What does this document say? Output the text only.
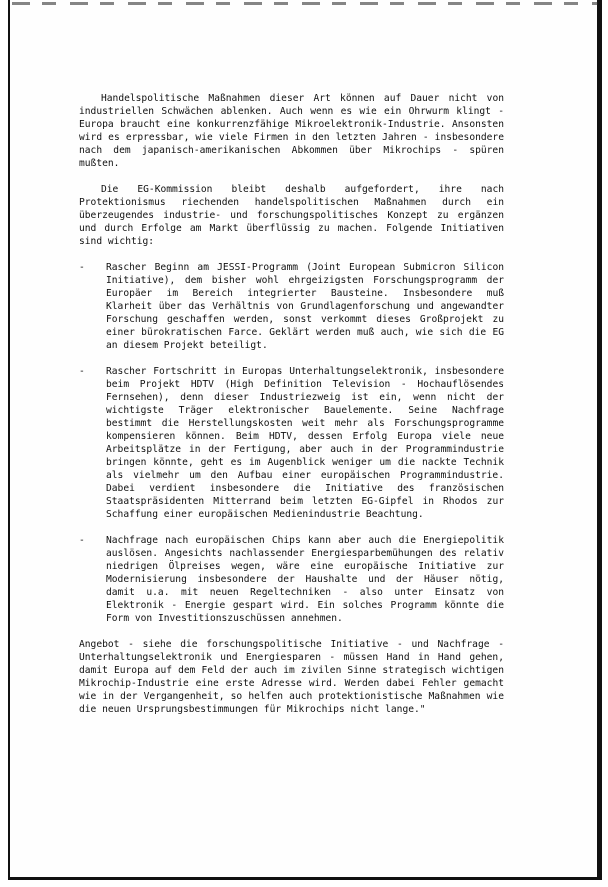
Handelspolitische Maßnahmen dieser Art können auf Dauer nicht von industriellen Schwächen ablenken. Auch wenn es wie ein Ohrwurm klingt - Europa braucht eine konkurrenzfähige Mikroelektronik-Industrie. Ansonsten wird es erpressbar, wie viele Firmen in den letzten Jahren - insbesondere nach dem japanisch-amerikanischen Abkommen über Mikrochips - spüren mußten.

Die EG-Kommission bleibt deshalb aufgefordert, ihre nach Protektionismus riechenden handelspolitischen Maßnahmen durch ein überzeugendes industrie- und forschungspolitisches Konzept zu ergänzen und durch Erfolge am Markt überflüssig zu machen. Folgende Initiativen sind wichtig:

- Rascher Beginn am JESSI-Programm (Joint European Submicron Silicon Initiative), dem bisher wohl ehrgeizigsten Forschungsprogramm der Europäer im Bereich integrierter Bausteine. Insbesondere muß Klarheit über das Verhältnis von Grundlagenforschung und angewandter Forschung geschaffen werden, sonst verkommt dieses Großprojekt zu einer bürokratischen Farce. Geklärt werden muß auch, wie sich die EG an diesem Projekt beteiligt.
- Rascher Fortschritt in Europas Unterhaltungselektronik, insbesondere beim Projekt HDTV (High Definition Television - Hochauflösendes Fernsehen), denn dieser Industriezweig ist ein, wenn nicht der wichtigste Träger elektronischer Bauelemente. Seine Nachfrage bestimmt die Herstellungskosten weit mehr als Forschungsprogramme kompensieren können. Beim HDTV, dessen Erfolg Europa viele neue Arbeitsplätze in der Fertigung, aber auch in der Programmindustrie bringen könnte, geht es im Augenblick weniger um die nackte Technik als vielmehr um den Aufbau einer europäischen Programmindustrie. Dabei verdient insbesondere die Initiative des französischen Staatspräsidenten Mitterrand beim letzten EG-Gipfel in Rhodos zur Schaffung einer europäischen Medienindustrie Beachtung.
- Nachfrage nach europäischen Chips kann aber auch die Energiepolitik auslösen. Angesichts nachlassender Energiesparbemühungen des relativ niedrigen Ölpreises wegen, wäre eine europäische Initiative zur Modernisierung insbesondere der Haushalte und der Häuser nötig, damit u.a. mit neuen Regeltechniken - also unter Einsatz von Elektronik - Energie gespart wird. Ein solches Programm könnte die Form von Investitionszuschüssen annehmen.

Angebot - siehe die forschungspolitische Initiative - und Nachfrage - Unterhaltungselektronik und Energiesparen - müssen Hand in Hand gehen, damit Europa auf dem Feld der auch im zivilen Sinne strategisch wichtigen Mikrochip-Industrie eine erste Adresse wird. Werden dabei Fehler gemacht wie in der Vergangenheit, so helfen auch protektionistische Maßnahmen wie die neuen Ursprungsbestimmungen für Mikrochips nicht lange."
